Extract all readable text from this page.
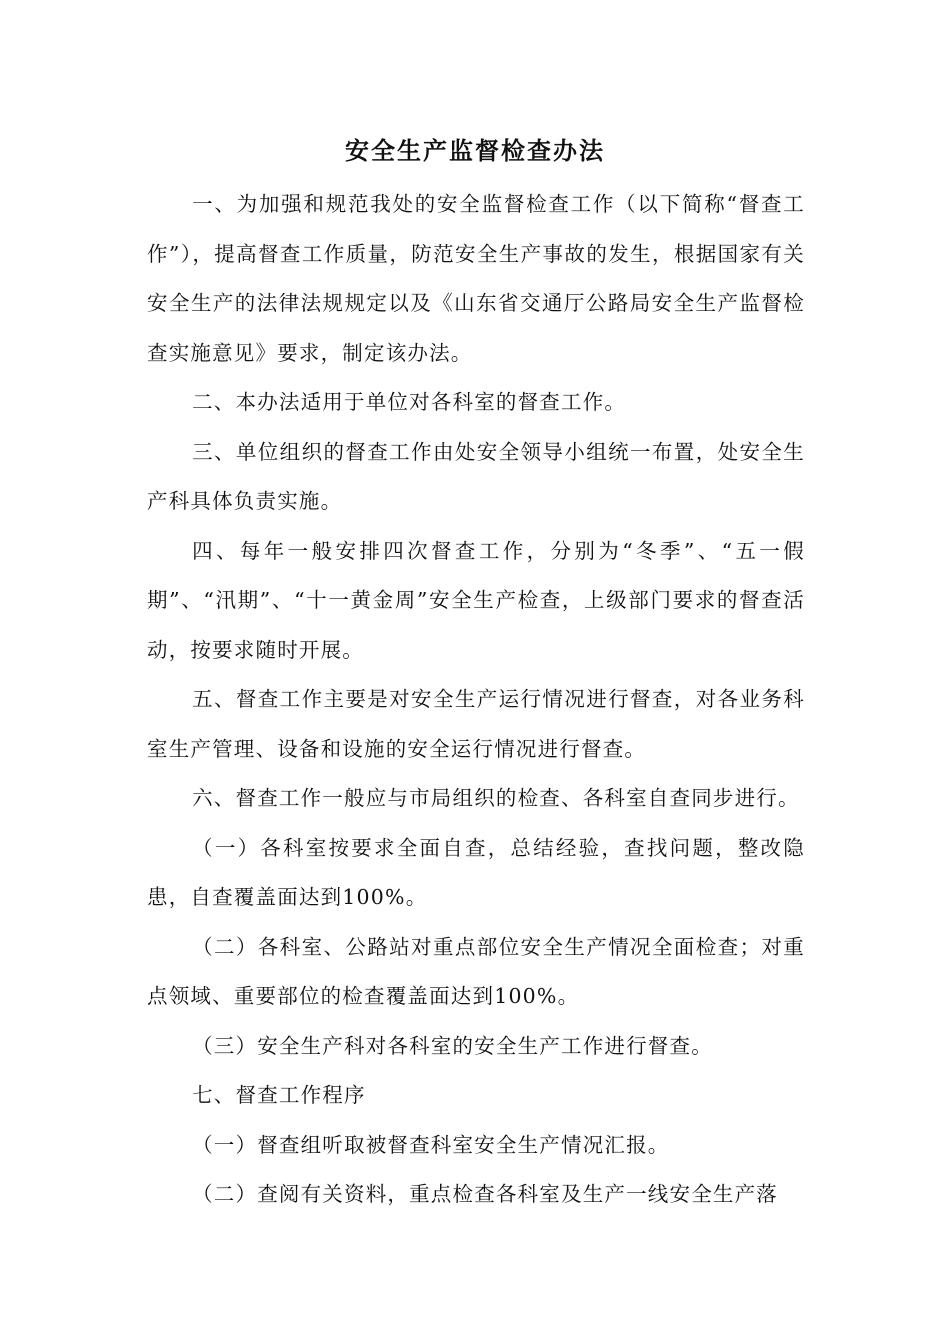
安全生产监督检查办法

一、为加强和规范我处的安全监督检查工作（以下简称“督查工作”），提高督查工作质量，防范安全生产事故的发生，根据国家有关安全生产的法律法规规定以及《山东省交通厅公路局安全生产监督检查实施意见》要求，制定该办法。

二、本办法适用于单位对各科室的督查工作。

三、单位组织的督查工作由处安全领导小组统一布置，处安全生产科具体负责实施。

四、每年一般安排四次督查工作，分别为“冬季”、“五一假期”、“汛期”、“十一黄金周”安全生产检查，上级部门要求的督查活动，按要求随时开展。

五、督查工作主要是对安全生产运行情况进行督查，对各业务科室生产管理、设备和设施的安全运行情况进行督查。

六、督查工作一般应与市局组织的检查、各科室自查同步进行。

（一）各科室按要求全面自查，总结经验，查找问题，整改隐患，自查覆盖面达到100%。

（二）各科室、公路站对重点部位安全生产情况全面检查；对重点领域、重要部位的检查覆盖面达到100%。

（三）安全生产科对各科室的安全生产工作进行督查。

七、督查工作程序

（一）督查组听取被督查科室安全生产情况汇报。

（二）查阅有关资料，重点检查各科室及生产一线安全生产落
